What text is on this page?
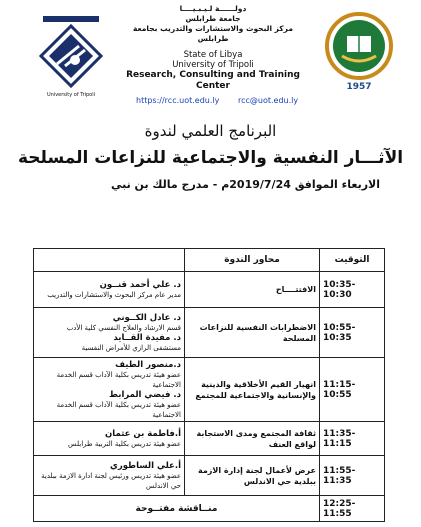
University of Tripoli
دولــــــة لـيـبـيــــا
جامعة طرابلس
مركز البحوث والاستشارات والتدريب بجامعة
طرابلس
State of Libya
University of Tripoli
Research, Consulting and Training
Center	1957
https://rcc.uot.edu.ly rcc@uot.edu.ly
البرنامج العلمي لندوة
الآثـــار النفسية والاجتماعية للنزاعات المسلحة
الاربعاء الموافق 2019/7/24م - مدرج مالك بن نبي
التوقيت	محاور الندوة	
10:35-10:30	الافتتــــاح	د. علي أحمد قنــون
مدير عام مركز البحوث والاستشارات والتدريب

10:55-10:35	الاضطرابات النفسية للنزاعات المسلحة	د. عادل الكــوني
قسم الارشاد والعلاج النفسي كلية الأدب
د. مفيدة القــايد
مستشفى الرازي للأمراض النفسية

11:15-10:55	انهيار القيم الأخلاقية والدينية والإنسانية والاجتماعية للمجتمع	د.منصور الطيف
عضو هيئة تدريس بكلية الآداب قسم الخدمة الاجتماعية
د. فيضي المرابط
عضو هيئة تدريس بكلية الآداب قسم الخدمة الاجتماعية

11:35-11:15	ثقافة المجتمع ومدى الاستجابة لواقع العنف	أ.فاطمة بن عثمان
عضو هيئة تدريس بكلية التربية طرابلس

11:55-11:35	عرض لأعمال لجنة إدارة الازمة ببلدية حي الاندلس	أ.علي الساطوري
عضو هيئة تدريس ورئيس لجنة ادارة الازمة ببلدية حي الاندلس

12:25-11:55	منــاقشة مفتــوحة	
